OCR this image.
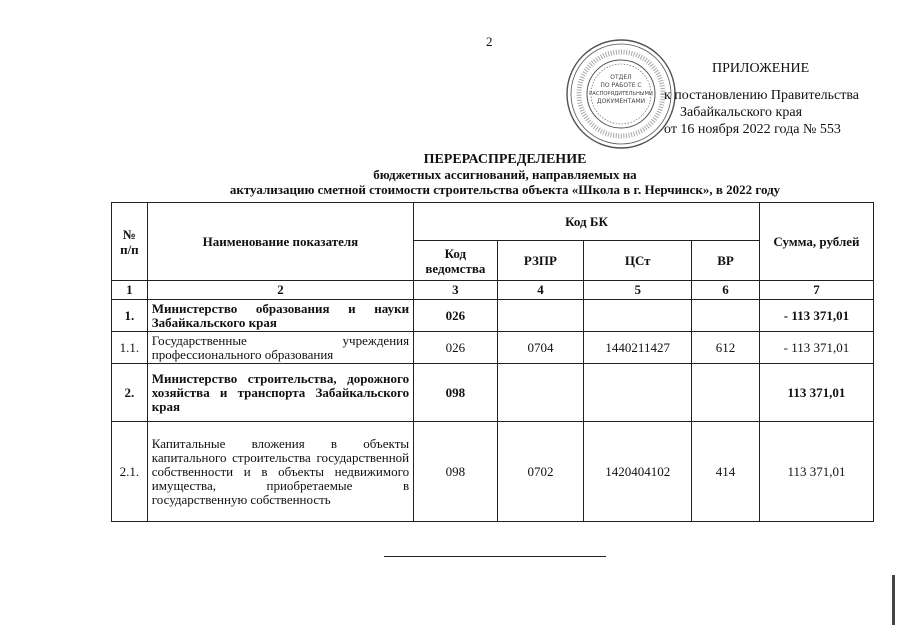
2
ОТДЕЛ
ПО РАБОТЕ С
РАСПОРЯДИТЕЛЬНЫМИ
ДОКУМЕНТАМИ
ПРИЛОЖЕНИЕ
к постановлению Правительства
Забайкальского края
от 16 ноября 2022 года № 553
ПЕРЕРАСПРЕДЕЛЕНИЕ
бюджетных ассигнований, направляемых на
актуализацию сметной стоимости строительства объекта «Школа в г. Нерчинск», в 2022 году
№ п/п	Наименование показателя	Код БК				Сумма, рублей
		Код ведомства	РЗПР	ЦСт	ВР	
1	2	3	4	5	6	7
1.	Министерство образования и науки Забайкальского края	026				- 113 371,01
1.1.	Государственные учреждения профессионального образования	026	0704	1440211427	612	- 113 371,01
2.	Министерство строительства, дорожного хозяйства и транспорта Забайкальского края	098				113 371,01
2.1.	Капитальные вложения в объекты капитального строительства государственной собственности и в объекты недвижимого имущества, приобретаемые в государственную собственность	098	0702	1420404102	414	113 371,01
